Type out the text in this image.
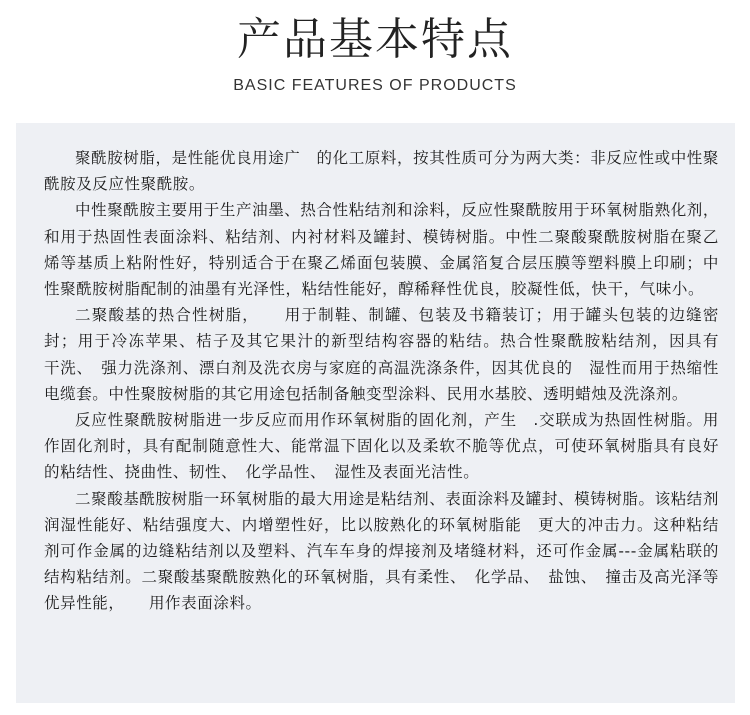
产品基本特点
BASIC FEATURES OF PRODUCTS

聚酰胺树脂，是性能优良用途广　的化工原料，按其性质可分为两大类：非反应性或中性聚酰胺及反应性聚酰胺。

中性聚酰胺主要用于生产油墨、热合性粘结剂和涂料，反应性聚酰胺用于环氧树脂熟化剂，和用于热固性表面涂料、粘结剂、内衬材料及罐封、模铸树脂。中性二聚酸聚酰胺树脂在聚乙烯等基质上粘附性好，特别适合于在聚乙烯面包装膜、金属箔复合层压膜等塑料膜上印刷；中性聚酰胺树脂配制的油墨有光泽性，粘结性能好，醇稀释性优良，胶凝性低，快干，气味小。

二聚酸基的热合性树脂，　　用于制鞋、制罐、包装及书籍装订；用于罐头包装的边缝密封；用于冷冻苹果、桔子及其它果汁的新型结构容器的粘结。热合性聚酰胺粘结剂，因具有　干洗、　强力洗涤剂、漂白剂及洗衣房与家庭的高温洗涤条件，因其优良的　湿性而用于热缩性电缆套。中性聚胺树脂的其它用途包括制备触变型涂料、民用水基胶、透明蜡烛及洗涤剂。

反应性聚酰胺树脂进一步反应而用作环氧树脂的固化剂，产生　.交联成为热固性树脂。用作固化剂时，具有配制随意性大、能常温下固化以及柔软不脆等优点，可使环氧树脂具有良好的粘结性、挠曲性、韧性、　化学品性、　湿性及表面光洁性。

二聚酸基酰胺树脂一环氧树脂的最大用途是粘结剂、表面涂料及罐封、模铸树脂。该粘结剂润湿性能好、粘结强度大、内增塑性好，比以胺熟化的环氧树脂能　更大的冲击力。这种粘结剂可作金属的边缝粘结剂以及塑料、汽车车身的焊接剂及堵缝材料，还可作金属---金属粘联的结构粘结剂。二聚酸基聚酰胺熟化的环氧树脂，具有柔性、　化学品、　盐蚀、　撞击及高光泽等优异性能，　　用作表面涂料。
